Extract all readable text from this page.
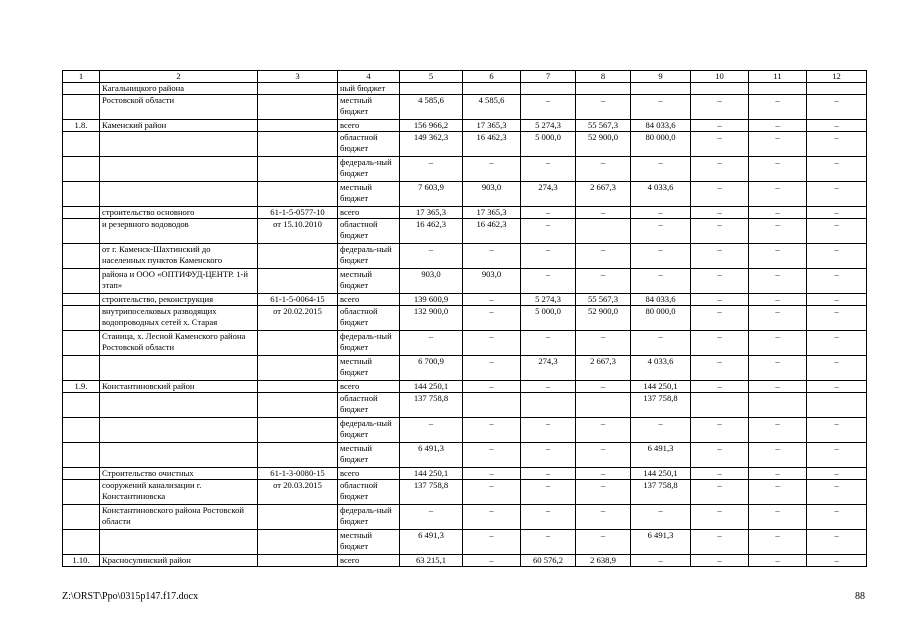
1	2	3	4	5	6	7	8	9	10	11	12
	Кагальницкого района		ный бюджет								
	Ростовской области		местный бюджет	4 585,6	4 585,6	–	–	–	–	–	–
1.8.	Каменский район		всего	156 966,2	17 365,3	5 274,3	55 567,3	84 033,6	–	–	–
			областной бюджет	149 362,3	16 462,3	5 000,0	52 900,0	80 000,0	–	–	–
			федераль-ный бюджет	–	–	–	–	–	–	–	–
			местный бюджет	7 603,9	903,0	274,3	2 667,3	4 033,6	–	–	–
	строительство основного	61-1-5-0577-10	всего	17 365,3	17 365,3	–	–	–	–	–	–
	и резервного водоводов	от 15.10.2010	областной бюджет	16 462,3	16 462,3	–		–	–	–	–
	от г. Каменск-Шахтинский до населенных пунктов Каменского		федераль-ный бюджет	–	–	–	–	–	–	–	–
	района и ООО «ОПТИФУД-ЦЕНТР. 1-й этап»		местный бюджет	903,0	903,0	–	–	–	–	–	–
	строительство, реконструкция	61-1-5-0064-15	всего	139 600,9	–	5 274,3	55 567,3	84 033,6	–	–	–
	внутрипоселковых разводящих водопроводных сетей х. Старая	от 20.02.2015	областной бюджет	132 900,0	–	5 000,0	52 900,0	80 000,0	–	–	–
	Станица, х. Лесной Каменского района Ростовской области		федераль-ный бюджет	–	–	–	–	–	–	–	–
			местный бюджет	6 700,9	–	274,3	2 667,3	4 033,6	–	–	–
1.9.	Константиновский район		всего	144 250,1	–	–	–	144 250,1	–	–	–
			областной бюджет	137 758,8				137 758,8			
			федераль-ный бюджет	–	–	–	–	–	–	–	–
			местный бюджет	6 491,3	–	–	–	6 491,3	–	–	–
	Строительство очистных	61-1-3-0080-15	всего	144 250,1	–	–	–	144 250,1	–	–	–
	сооружений канализации г. Константиновска	от 20.03.2015	областной бюджет	137 758,8	–	–	–	137 758,8	–	–	–
	Константиновского района Ростовской области		федераль-ный бюджет	–	–	–	–	–	–	–	–
			местный бюджет	6 491,3	–	–	–	6 491,3	–	–	–
1.10.	Красносулинский район		всего	63 215,1	–	60 576,2	2 638,9	–	–	–	–
Z:\ORST\Ppo\0315p147.f17.docx	88
